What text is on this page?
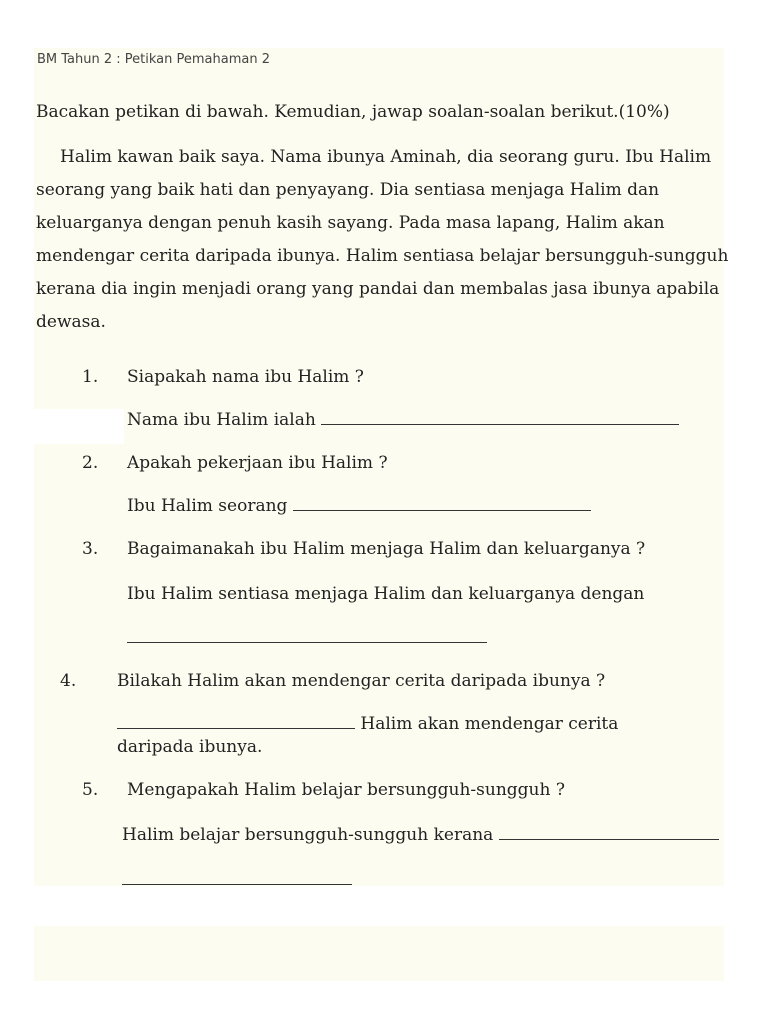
BM Tahun 2 : Petikan Pemahaman 2
Bacakan petikan di bawah. Kemudian, jawap soalan-soalan berikut.(10%)
Halim kawan baik saya. Nama ibunya Aminah, dia seorang guru. Ibu Halim
seorang yang baik hati dan penyayang. Dia sentiasa menjaga Halim dan
keluarganya dengan penuh kasih sayang. Pada masa lapang, Halim akan
mendengar cerita daripada ibunya. Halim sentiasa belajar bersungguh-sungguh
kerana dia ingin menjadi orang yang pandai dan membalas jasa ibunya apabila
dewasa.
1. Siapakah nama ibu Halim ?
Nama ibu Halim ialah
2. Apakah pekerjaan ibu Halim ?
Ibu Halim seorang
3. Bagaimanakah ibu Halim menjaga Halim dan keluarganya ?
Ibu Halim sentiasa menjaga Halim dan keluarganya dengan
4. Bilakah Halim akan mendengar cerita daripada ibunya ?
Halim akan mendengar cerita
daripada ibunya.
5. Mengapakah Halim belajar bersungguh-sungguh ?
Halim belajar bersungguh-sungguh kerana
